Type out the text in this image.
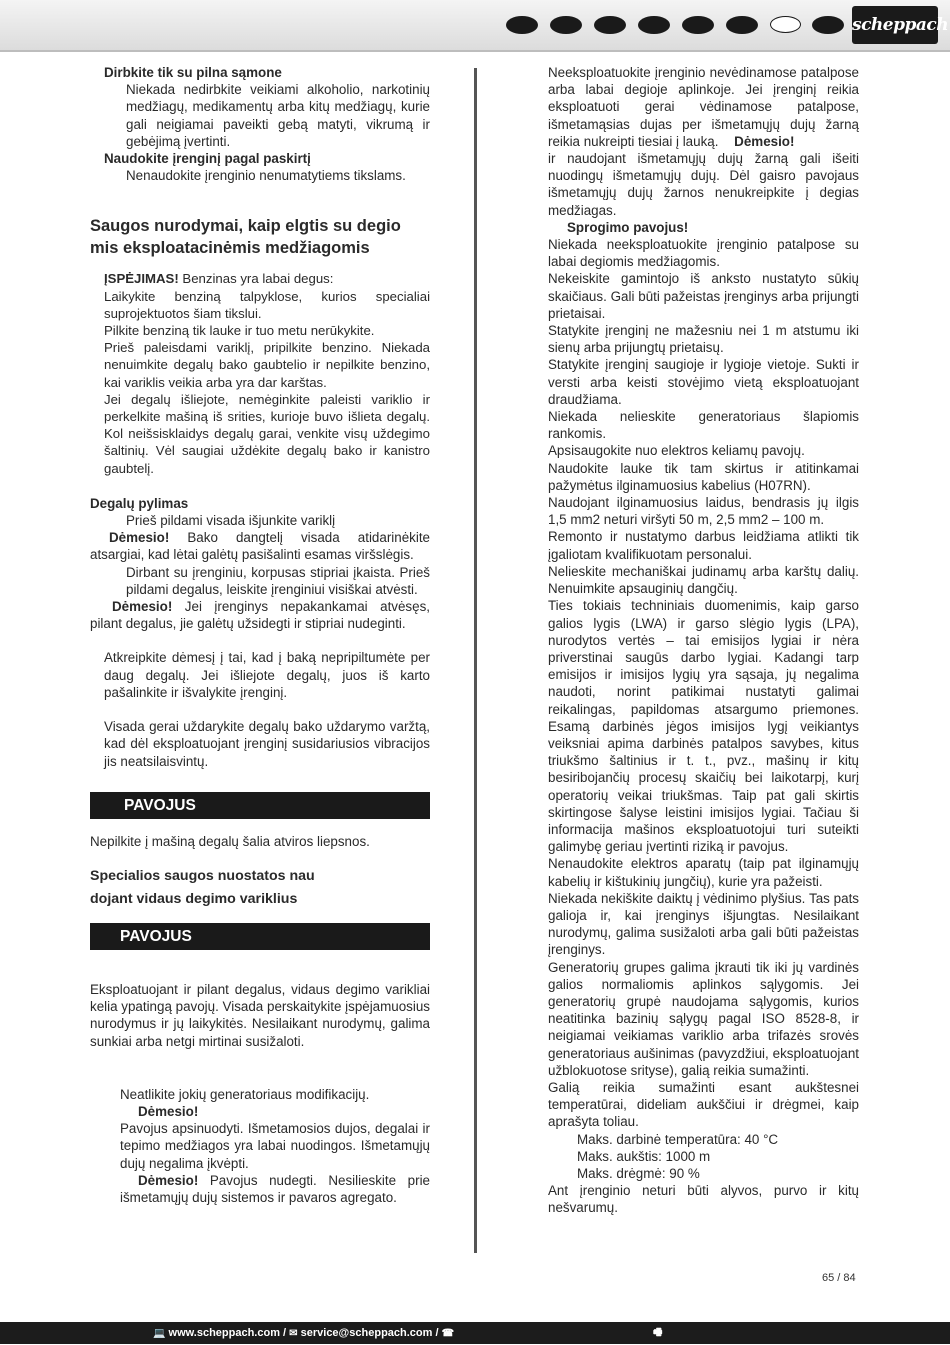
scheppach

Dirbkite tik su pilna sąmone

Niekada nedirbkite veikiami alkoholio, narkotinių medžiagų, medikamentų arba kitų medžiagų, kurie gali neigiamai paveikti gebą matyti, vikrumą ir gebėjimą įvertinti.

Naudokite įrenginį pagal paskirtį

Nenaudokite įrenginio nenumatytiems tikslams.

Saugos nurodymai, kaip elgtis su degio mis eksploatacinėmis medžiagomis

ĮSPĖJIMAS! Benzinas yra labai degus:

Laikykite benziną talpyklose, kurios specialiai suprojektuotos šiam tikslui.

Pilkite benziną tik lauke ir tuo metu nerūkykite.

Prieš paleisdami variklį, pripilkite benzino. Niekada nenuimkite degalų bako gaubtelio ir nepilkite benzino, kai variklis veikia arba yra dar karštas.

Jei degalų išliejote, nemėginkite paleisti variklio ir perkelkite mašiną iš srities, kurioje buvo išlieta degalų. Kol neišsisklaidys degalų garai, venkite visų uždegimo šaltinių. Vėl saugiai uždėkite degalų bako ir kanistro gaubtelį.

Degalų pylimas

Prieš pildami visada išjunkite variklį

Dėmesio! Bako dangtelį visada atidarinėkite atsargiai, kad lėtai galėtų pasišalinti esamas viršslėgis.

Dirbant su įrenginiu, korpusas stipriai įkaista. Prieš pildami degalus, leiskite įrenginiui visiškai atvėsti.

Dėmesio! Jei įrenginys nepakankamai atvėsęs, pilant degalus, jie galėtų užsidegti ir stipriai nudeginti.

Atkreipkite dėmesį į tai, kad į baką nepripiltumėte per daug degalų. Jei išliejote degalų, juos iš karto pašalinkite ir išvalykite įrenginį.

Visada gerai uždarykite degalų bako uždarymo varžtą, kad dėl eksploatuojant įrenginį susidariusios vibracijos jis neatsilaisvintų.

PAVOJUS

Nepilkite į mašiną degalų šalia atviros liepsnos.

Specialios saugos nuostatos nau

dojant vidaus degimo variklius

PAVOJUS

Eksploatuojant ir pilant degalus, vidaus degimo varikliai kelia ypatingą pavojų. Visada perskaitykite įspėjamuosius nurodymus ir jų laikykitės. Nesilaikant nurodymų, galima sunkiai arba netgi mirtinai susižaloti.

Neatlikite jokių generatoriaus modifikacijų.

Dėmesio!

Pavojus apsinuodyti. Išmetamosios dujos, degalai ir tepimo medžiagos yra labai nuodingos. Išmetamųjų dujų negalima įkvėpti.

Dėmesio! Pavojus nudegti. Nesilieskite prie išmetamųjų dujų sistemos ir pavaros agregato.

Neeksploatuokite įrenginio nevėdinamose patalpose arba labai degioje aplinkoje. Jei įrenginį reikia eksploatuoti gerai vėdinamose patalpose, išmetamąsias dujas per išmetamųjų dujų žarną reikia nukreipti tiesiai į lauką. Dėmesio!

ir naudojant išmetamųjų dujų žarną gali išeiti nuodingų išmetamųjų dujų. Dėl gaisro pavojaus išmetamųjų dujų žarnos nenukreipkite į degias medžiagas.

Sprogimo pavojus!

Niekada neeksploatuokite įrenginio patalpose su labai degiomis medžiagomis.

Nekeiskite gamintojo iš anksto nustatyto sūkių skaičiaus. Gali būti pažeistas įrenginys arba prijungti prietaisai.

Statykite įrenginį ne mažesniu nei 1 m atstumu iki sienų arba prijungtų prietaisų.

Statykite įrenginį saugioje ir lygioje vietoje. Sukti ir versti arba keisti stovėjimo vietą eksploatuojant draudžiama.

Niekada nelieskite generatoriaus šlapiomis rankomis.

Apsisaugokite nuo elektros keliamų pavojų.

Naudokite lauke tik tam skirtus ir atitinkamai pažymėtus ilginamuosius kabelius (H07RN).

Naudojant ilginamuosius laidus, bendrasis jų ilgis 1,5 mm2 neturi viršyti 50 m, 2,5 mm2 – 100 m.

Remonto ir nustatymo darbus leidžiama atlikti tik įgaliotam kvalifikuotam personalui.

Nelieskite mechaniškai judinamų arba karštų dalių. Nenuimkite apsauginių dangčių.

Ties tokiais techniniais duomenimis, kaip garso galios lygis (LWA) ir garso slėgio lygis (LPA), nurodytos vertės – tai emisijos lygiai ir nėra priverstinai saugūs darbo lygiai. Kadangi tarp emisijos ir imisijos lygių yra sąsaja, jų negalima naudoti, norint patikimai nustatyti galimai reikalingas, papildomas atsargumo priemones. Esamą darbinės jėgos imisijos lygį veikiantys veiksniai apima darbinės patalpos savybes, kitus triukšmo šaltinius ir t. t., pvz., mašinų ir kitų besiribojančių procesų skaičių bei laikotarpį, kurį operatorių veikai triukšmas. Taip pat gali skirtis skirtingose šalyse leistini imisijos lygiai. Tačiau ši informacija mašinos eksploatuotojui turi suteikti galimybę geriau įvertinti riziką ir pavojus.

Nenaudokite elektros aparatų (taip pat ilginamųjų kabelių ir kištukinių jungčių), kurie yra pažeisti.

Niekada nekiškite daiktų į vėdinimo plyšius. Tas pats galioja ir, kai įrenginys išjungtas. Nesilaikant nurodymų, galima susižaloti arba gali būti pažeistas įrenginys.

Generatorių grupes galima įkrauti tik iki jų vardinės galios normaliomis aplinkos sąlygomis. Jei generatorių grupė naudojama sąlygomis, kurios neatitinka bazinių sąlygų pagal ISO 8528-8, ir neigiamai veikiamas variklio arba trifazės srovės generatoriaus aušinimas (pavyzdžiui, eksploatuojant užblokuotose srityse), galią reikia sumažinti.

Galią reikia sumažinti esant aukštesnei temperatūrai, dideliam aukščiui ir drėgmei, kaip aprašyta toliau.

Maks. darbinė temperatūra: 40 °C

Maks. aukštis: 1000 m

Maks. drėgmė: 90 %

Ant įrenginio neturi būti alyvos, purvo ir kitų nešvarumų.

65 / 84
💻 www.scheppach.com / ✉ service@scheppach.com / ☎	🖷
